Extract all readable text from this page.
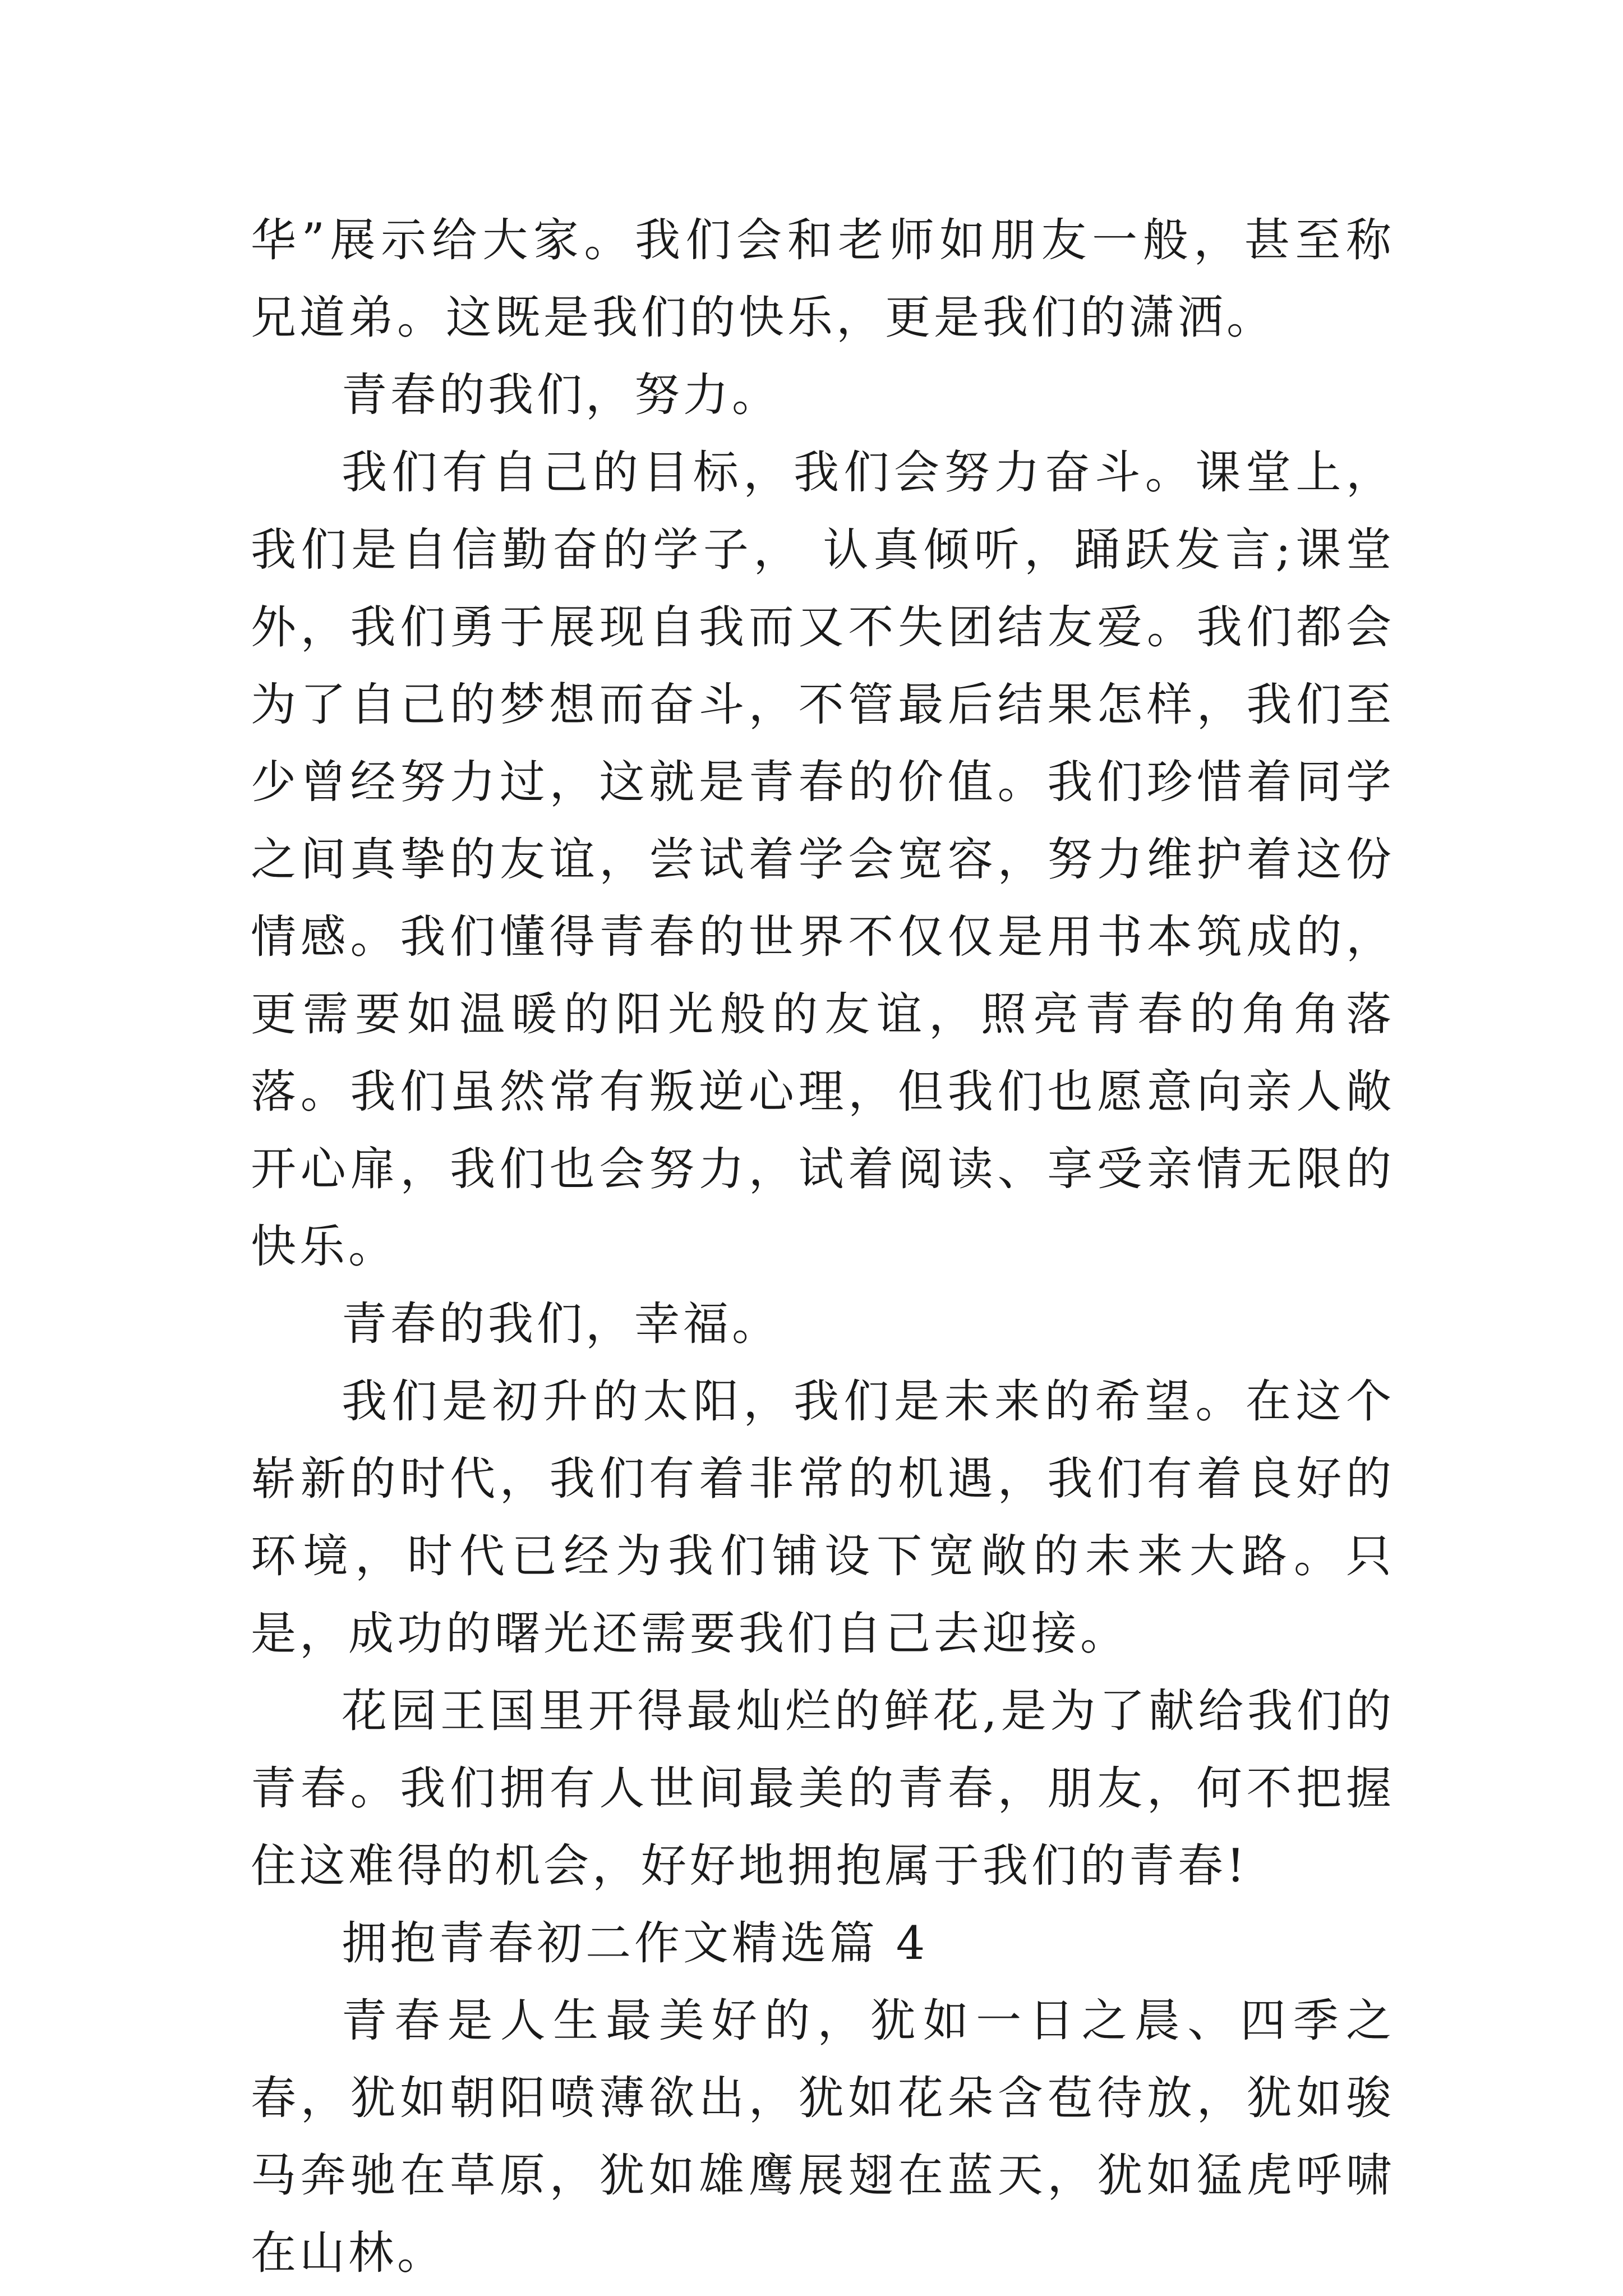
华”展示给大家。我们会和老师如朋友一般，甚至称兄道弟。这既是我们的快乐，更是我们的潇洒。

青春的我们，努力。

我们有自己的目标，我们会努力奋斗。课堂上，我们是自信勤奋的学子， 认真倾听，踊跃发言;课堂外，我们勇于展现自我而又不失团结友爱。我们都会为了自己的梦想而奋斗，不管最后结果怎样，我们至少曾经努力过，这就是青春的价值。我们珍惜着同学之间真挚的友谊，尝试着学会宽容，努力维护着这份情感。我们懂得青春的世界不仅仅是用书本筑成的，更需要如温暖的阳光般的友谊，照亮青春的角角落落。我们虽然常有叛逆心理，但我们也愿意向亲人敞开心扉，我们也会努力，试着阅读、享受亲情无限的快乐。

青春的我们，幸福。

我们是初升的太阳，我们是未来的希望。在这个崭新的时代，我们有着非常的机遇，我们有着良好的环境，时代已经为我们铺设下宽敞的未来大路。只是，成功的曙光还需要我们自己去迎接。

花园王国里开得最灿烂的鲜花,是为了献给我们的青春。我们拥有人世间最美的青春，朋友，何不把握住这难得的机会，好好地拥抱属于我们的青春!

拥抱青春初二作文精选篇 4

青春是人生最美好的，犹如一日之晨、四季之春，犹如朝阳喷薄欲出，犹如花朵含苞待放，犹如骏马奔驰在草原，犹如雄鹰展翅在蓝天，犹如猛虎呼啸在山林。
